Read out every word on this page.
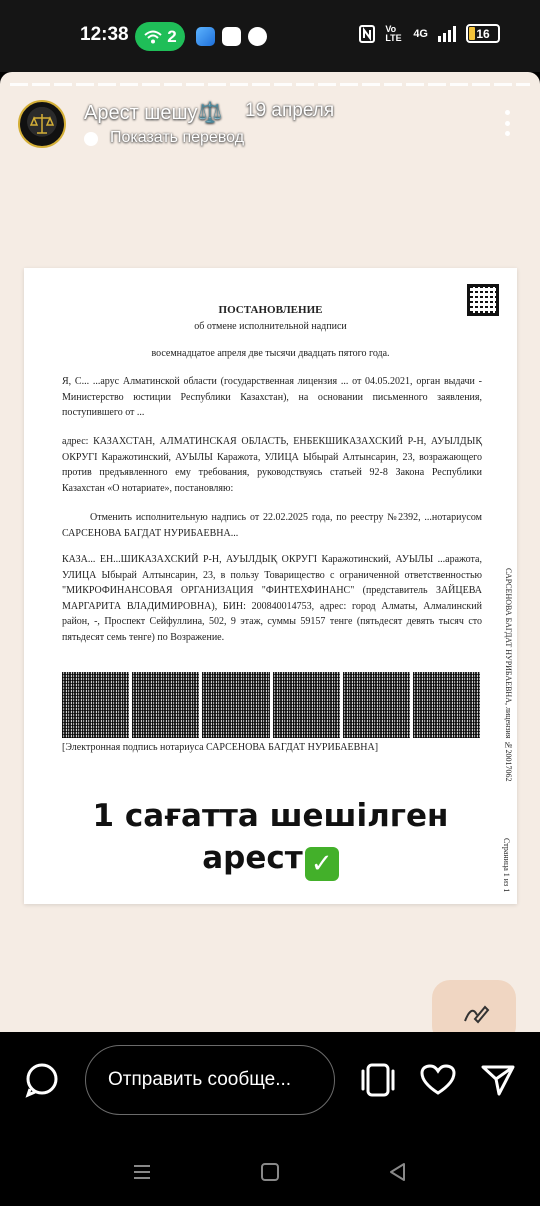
12:38 2	Vo LTE 4G	16
Арест шешу⚖️ 19 апреля
Показать перевод
ПОСТАНОВЛЕНИЕ
об отмене исполнительной надписи
восемнадцатое апреля две тысячи двадцать пятого года.
Я, С... ...арус Алматинской области (государственная лицензия ... от 04.05.2021, орган выдачи - Министерство юстиции Республики Казахстан), на основании письменного заявления, поступившего от ...
адрес: КАЗАХСТАН, АЛМАТИНСКАЯ ОБЛАСТЬ, ЕНБЕКШИКАЗАХСКИЙ Р-Н, АУЫЛДЫҚ ОКРУГІ Каражотинский, АУЫЛЫ Каражота, УЛИЦА Ыбырай Алтынсарин, 23, возражающего против предъявленного ему требования, руководствуясь статьей 92-8 Закона Республики Казахстан «О нотариате», постановляю:
Отменить исполнительную надпись от 22.02.2025 года, по реестру №2392, ...нотариусом САРСЕНОВА БАГДАТ НУРИБАЕВНА...
КАЗА... ЕН...ШИКАЗАХСКИЙ Р-Н, АУЫЛДЫҚ ОКРУГІ Каражотинский, АУЫЛЫ ...аражота, УЛИЦА Ыбырай Алтынсарин, 23, в пользу Товарищество с ограниченной ответственностью "МИКРОФИНАНСОВАЯ ОРГАНИЗАЦИЯ "ФИНТЕХФИНАНС" (представитель ЗАЙЦЕВА МАРГАРИТА ВЛАДИМИРОВНА), БИН: 200840014753, адрес: город Алматы, Алмалинский район, -, Проспект Сейфуллина, 502, 9 этаж, суммы 59157 тенге (пятьдесят девять тысяч сто пятьдесят семь тенге) по Возражение.	САРСЕНОВА БАГДАТ НУРИБАЕВНА, лицензия №20017062
Страница 1 из 1
[Электронная подпись нотариуса САРСЕНОВА БАГДАТ НУРИБАЕВНА]
1 сағатта шешілген
арест ✓
Отправить сообще...
